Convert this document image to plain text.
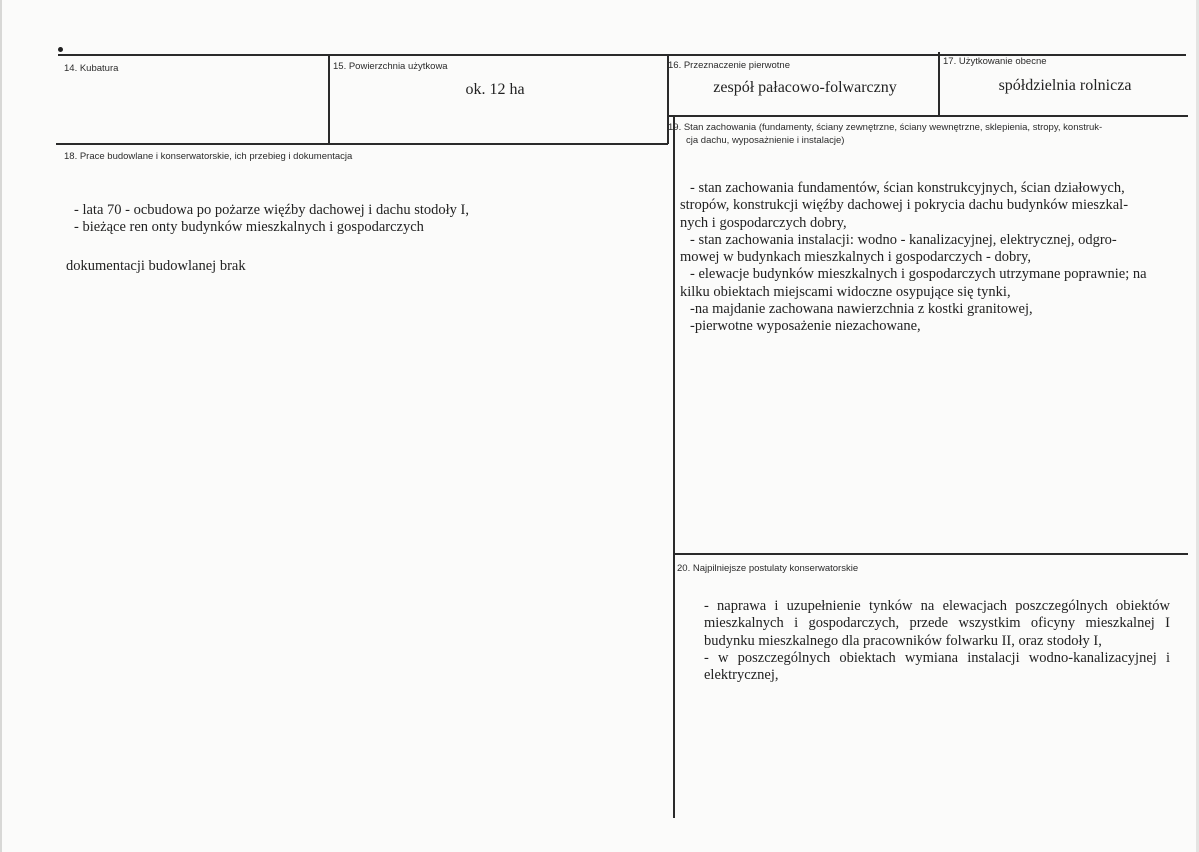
14. Kubatura	15. Powierzchnia użytkowa
ok. 12 ha
16. Przeznaczenie pierwotne
zespół pałacowo-folwarczny
17. Użytkowanie obecne
spółdzielnia rolnicza
18. Prace budowlane i konserwatorskie, ich przebieg i dokumentacja

- lata 70 - ocbudowa po pożarze więźby dachowej i dachu stodoły I,

- bieżące ren onty budynków mieszkalnych i gospodarczych

dokumentacji budowlanej brak

19. Stan zachowania (fundamenty, ściany zewnętrzne, ściany wewnętrzne, sklepienia, stropy, konstruk-
cja dachu, wyposażnienie i instalacje)

- stan zachowania fundamentów, ścian konstrukcyjnych, ścian działowych,

stropów, konstrukcji więźby dachowej i pokrycia dachu budynków mieszkal-

nych i gospodarczych dobry,

- stan zachowania instalacji: wodno - kanalizacyjnej, elektrycznej, odgro-

mowej w budynkach mieszkalnych i gospodarczych - dobry,

- elewacje budynków mieszkalnych i gospodarczych utrzymane poprawnie; na

kilku obiektach miejscami widoczne osypujące się tynki,

-na majdanie zachowana nawierzchnia z kostki granitowej,

-pierwotne wyposażenie niezachowane,

20. Najpilniejsze postulaty konserwatorskie

- naprawa i uzupełnienie tynków na elewacjach poszczególnych obiektów

mieszkalnych i gospodarczych, przede wszystkim oficyny mieszkalnej I

budynku mieszkalnego dla pracowników folwarku II, oraz stodoły I,

- w poszczególnych obiektach wymiana instalacji wodno-kanalizacyjnej i

elektrycznej,
